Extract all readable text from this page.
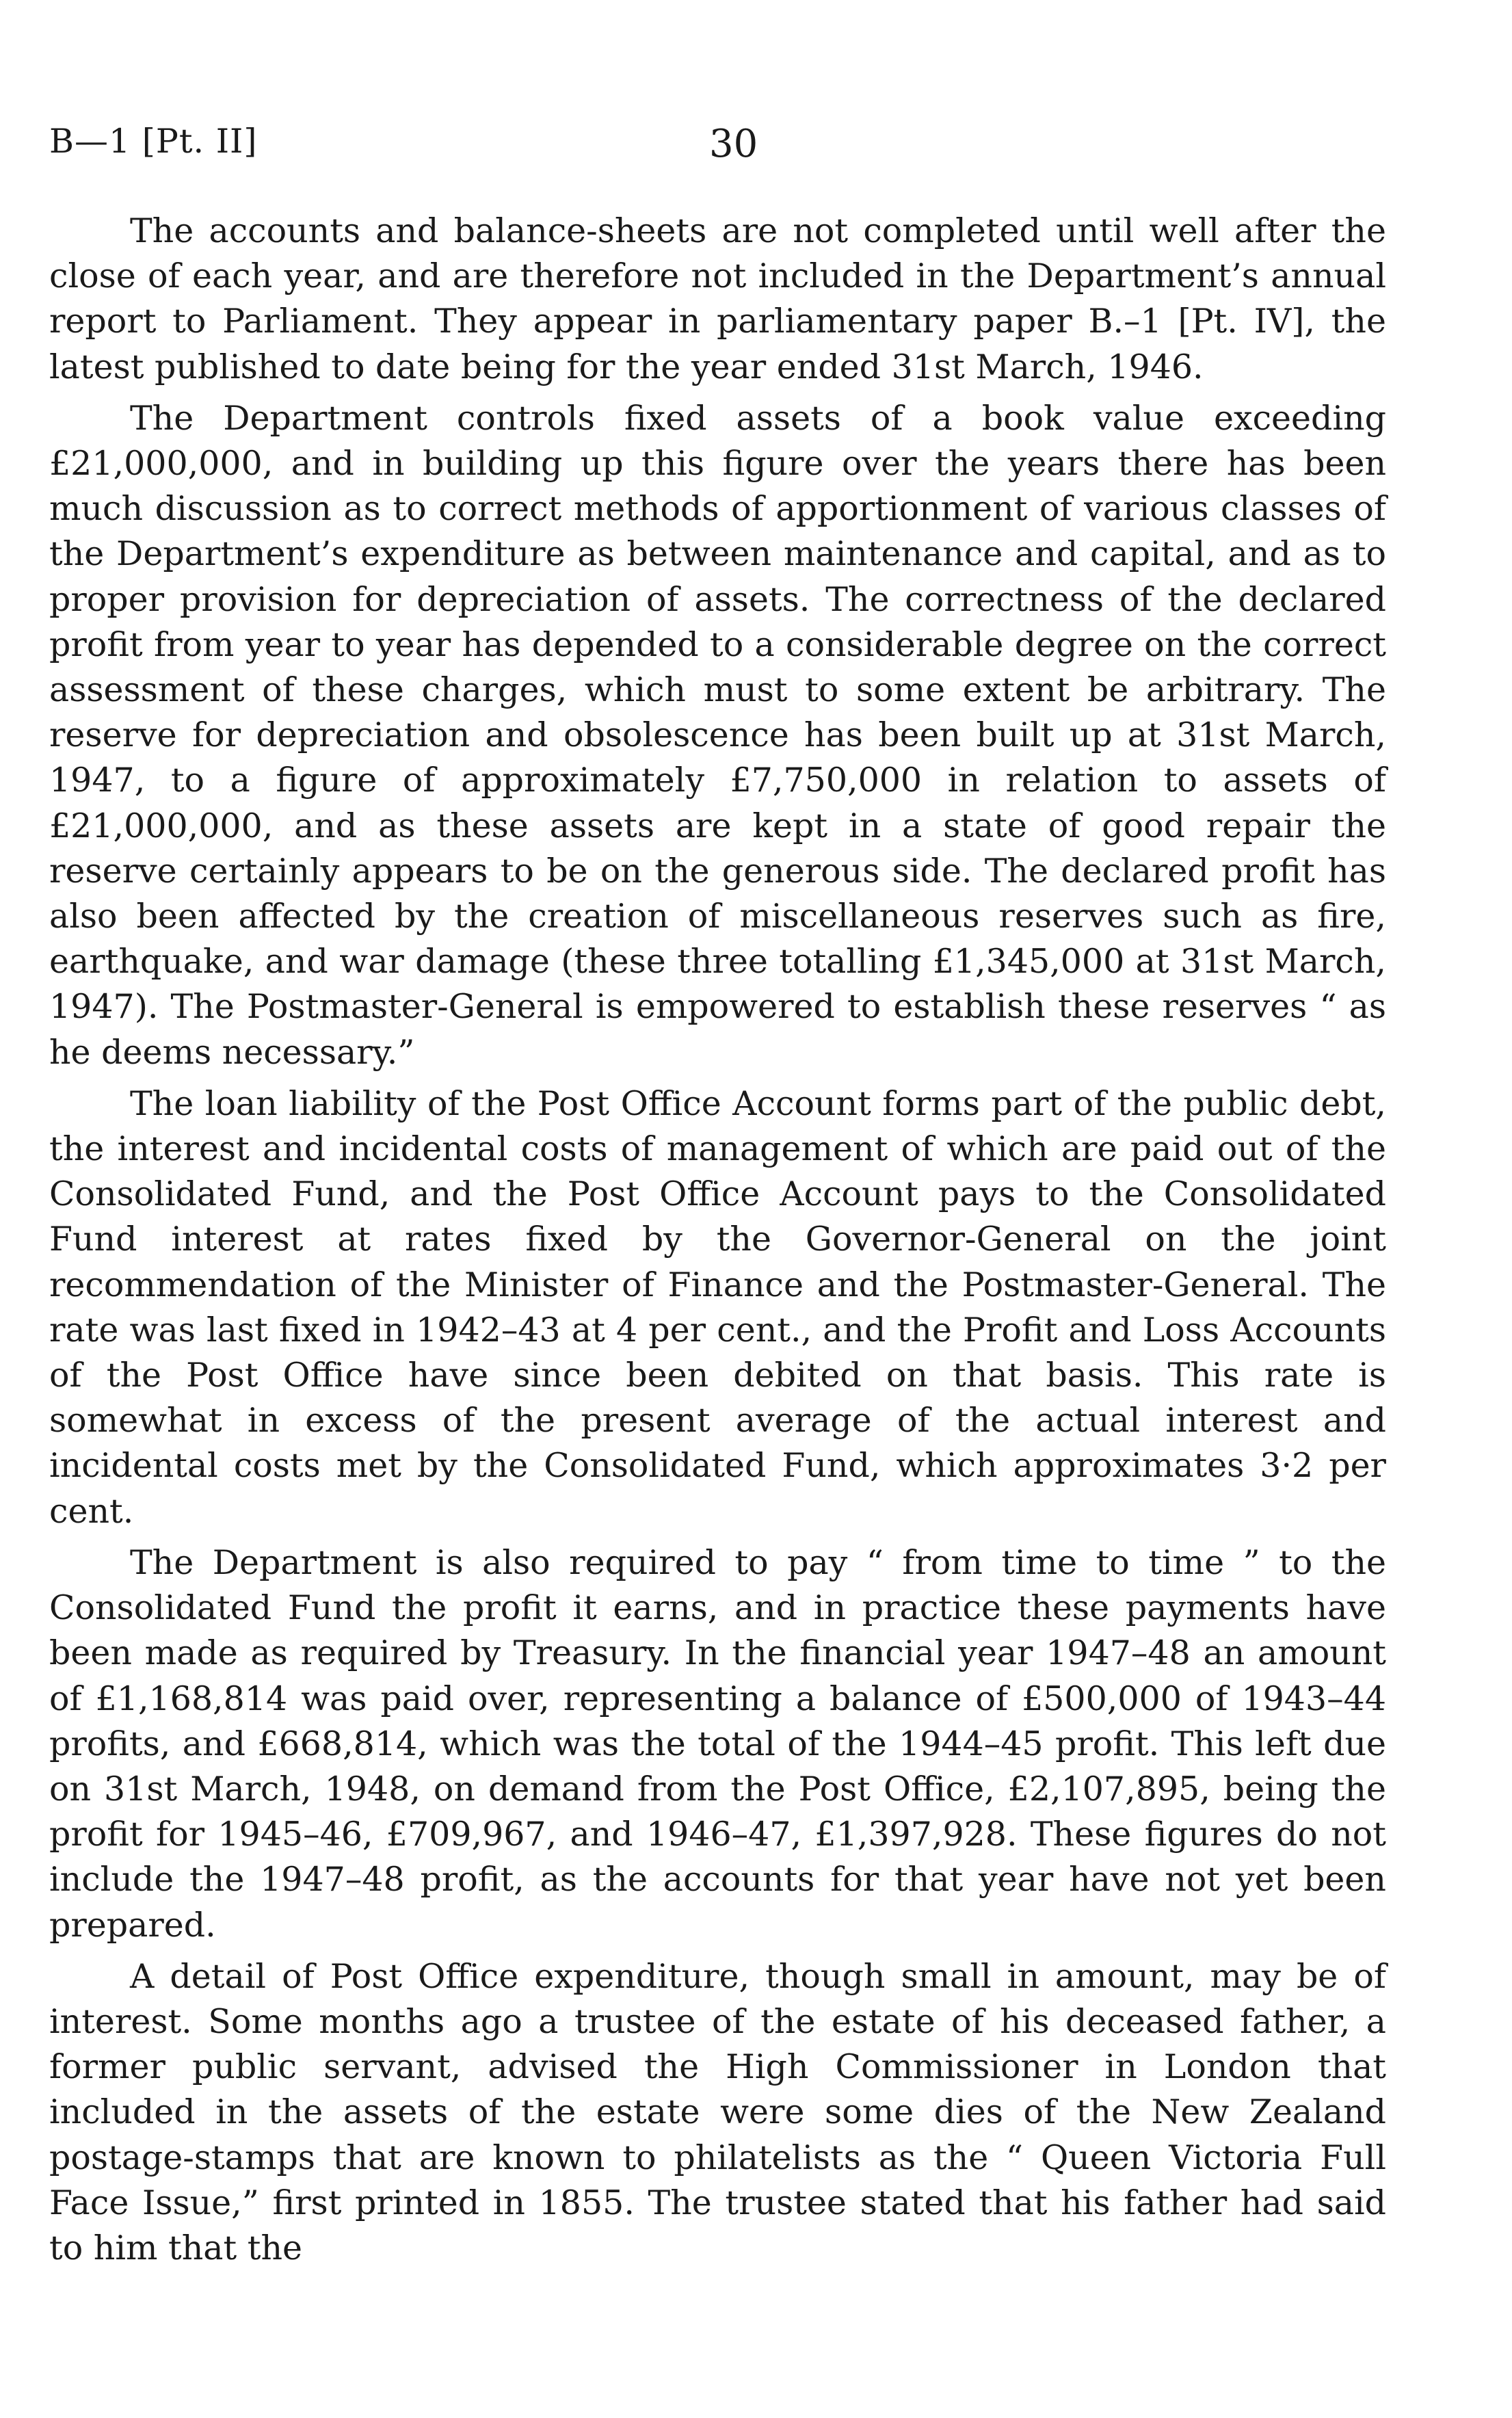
B—1 [Pt. II]	30

The accounts and balance-sheets are not completed until well after the close of each year, and are therefore not included in the Department’s annual report to Parliament. They appear in parliamentary paper B.–1 [Pt. IV], the latest published to date being for the year ended 31st March, 1946.

The Department controls fixed assets of a book value exceeding £21,000,000, and in building up this figure over the years there has been much discussion as to correct methods of apportionment of various classes of the Department’s expenditure as between maintenance and capital, and as to proper provision for depreciation of assets. The correctness of the declared profit from year to year has depended to a considerable degree on the correct assessment of these charges, which must to some extent be arbitrary. The reserve for depreciation and obsolescence has been built up at 31st March, 1947, to a figure of approximately £7,750,000 in relation to assets of £21,000,000, and as these assets are kept in a state of good repair the reserve certainly appears to be on the generous side. The declared profit has also been affected by the creation of miscellaneous reserves such as fire, earthquake, and war damage (these three totalling £1,345,000 at 31st March, 1947). The Postmaster-General is empowered to establish these reserves “ as he deems necessary.”

The loan liability of the Post Office Account forms part of the public debt, the interest and incidental costs of management of which are paid out of the Consolidated Fund, and the Post Office Account pays to the Consolidated Fund interest at rates fixed by the Governor-General on the joint recommendation of the Minister of Finance and the Postmaster-General. The rate was last fixed in 1942–43 at 4 per cent., and the Profit and Loss Accounts of the Post Office have since been debited on that basis. This rate is somewhat in excess of the present average of the actual interest and incidental costs met by the Consolidated Fund, which approximates 3·2 per cent.

The Department is also required to pay “ from time to time ” to the Consolidated Fund the profit it earns, and in practice these payments have been made as required by Treasury. In the financial year 1947–48 an amount of £1,168,814 was paid over, representing a balance of £500,000 of 1943–44 profits, and £668,814, which was the total of the 1944–45 profit. This left due on 31st March, 1948, on demand from the Post Office, £2,107,895, being the profit for 1945–46, £709,967, and 1946–47, £1,397,928. These figures do not include the 1947–48 profit, as the accounts for that year have not yet been prepared.

A detail of Post Office expenditure, though small in amount, may be of interest. Some months ago a trustee of the estate of his deceased father, a former public servant, advised the High Commissioner in London that included in the assets of the estate were some dies of the New Zealand postage-stamps that are known to philatelists as the “ Queen Victoria Full Face Issue,” first printed in 1855. The trustee stated that his father had said to him that the
